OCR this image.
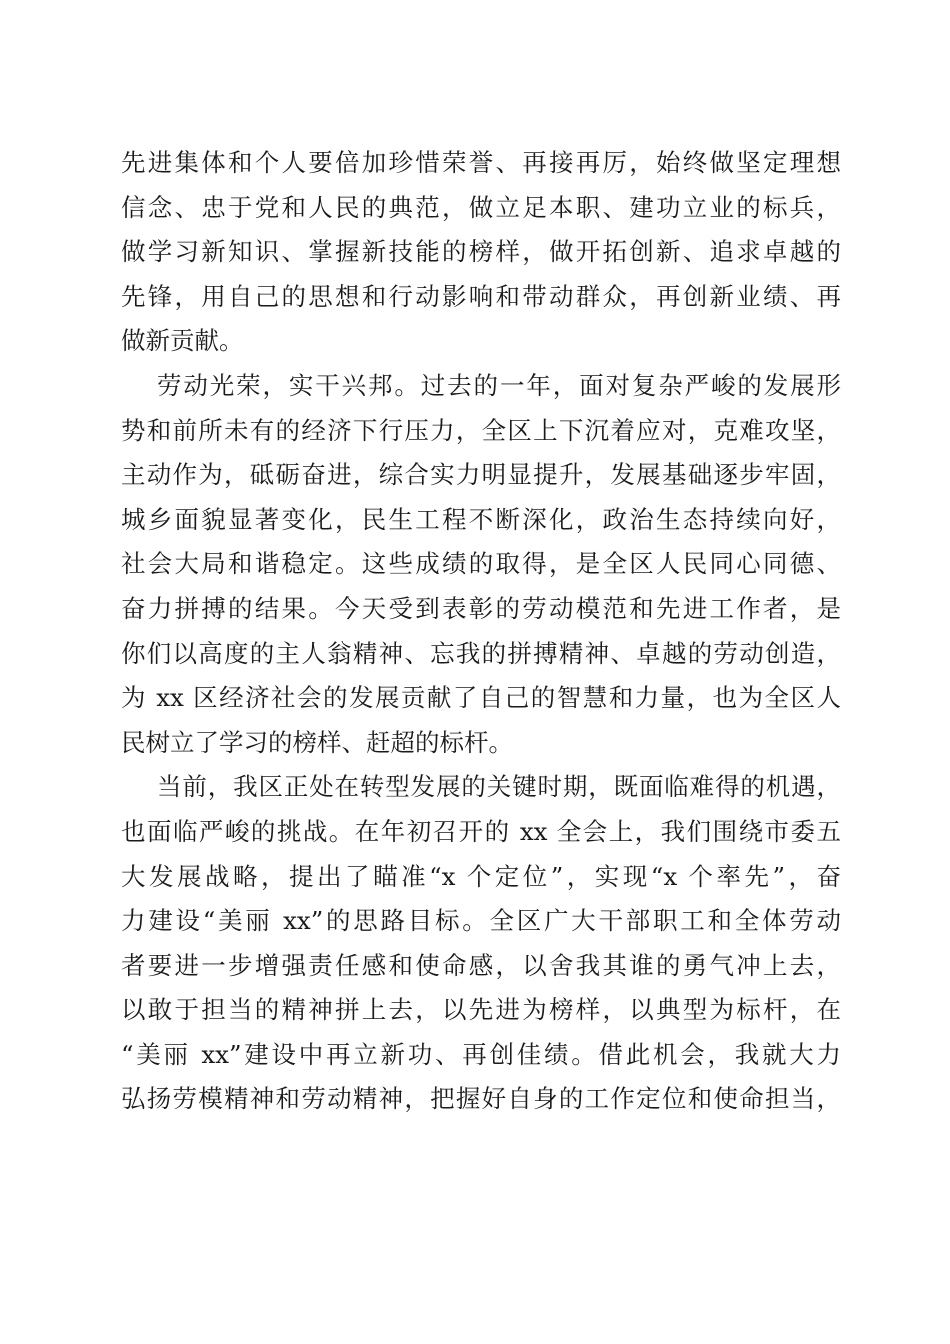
先进集体和个人要倍加珍惜荣誉、再接再厉，始终做坚定理想
信念、忠于党和人民的典范，做立足本职、建功立业的标兵，
做学习新知识、掌握新技能的榜样，做开拓创新、追求卓越的
先锋，用自己的思想和行动影响和带动群众，再创新业绩、再
做新贡献。
劳动光荣，实干兴邦。过去的一年，面对复杂严峻的发展形
势和前所未有的经济下行压力，全区上下沉着应对，克难攻坚，
主动作为，砥砺奋进，综合实力明显提升，发展基础逐步牢固，
城乡面貌显著变化，民生工程不断深化，政治生态持续向好，
社会大局和谐稳定。这些成绩的取得，是全区人民同心同德、
奋力拼搏的结果。今天受到表彰的劳动模范和先进工作者，是
你们以高度的主人翁精神、忘我的拼搏精神、卓越的劳动创造，
为 xx 区经济社会的发展贡献了自己的智慧和力量，也为全区人
民树立了学习的榜样、赶超的标杆。
当前，我区正处在转型发展的关键时期，既面临难得的机遇，
也面临严峻的挑战。在年初召开的 xx 全会上，我们围绕市委五
大发展战略，提出了瞄准“x 个定位”，实现“x 个率先”，奋
力建设“美丽 xx”的思路目标。全区广大干部职工和全体劳动
者要进一步增强责任感和使命感，以舍我其谁的勇气冲上去，
以敢于担当的精神拼上去，以先进为榜样，以典型为标杆，在
“美丽 xx”建设中再立新功、再创佳绩。借此机会，我就大力
弘扬劳模精神和劳动精神，把握好自身的工作定位和使命担当，
